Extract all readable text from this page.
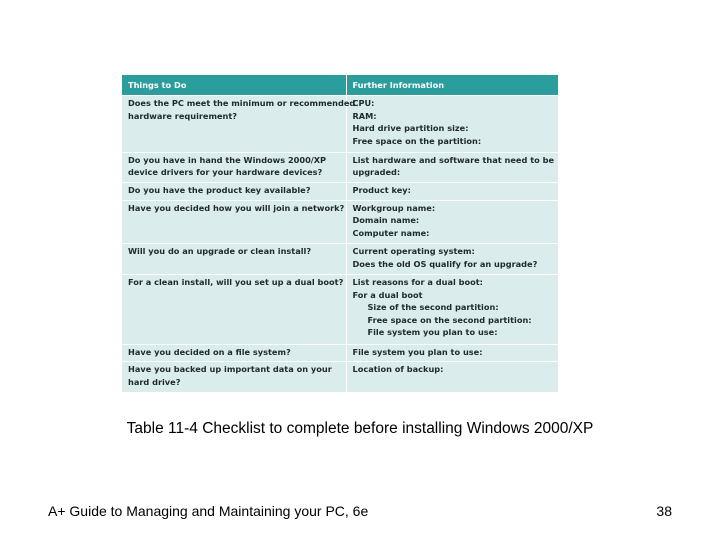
Things to Do	Further Information

Does the PC meet the minimum or recommended
hardware requirement?	CPU:
RAM:
Hard drive partition size:
Free space on the partition:

Do you have in hand the Windows 2000/XP
device drivers for your hardware devices?	List hardware and software that need to be
upgraded:

Do you have the product key available?	Product key:

Have you decided how you will join a network?	Workgroup name:
Domain name:
Computer name:

Will you do an upgrade or clean install?	Current operating system:
Does the old OS qualify for an upgrade?

For a clean install, will you set up a dual boot?	List reasons for a dual boot:
For a dual boot
Size of the second partition:
Free space on the second partition:
File system you plan to use:

Have you decided on a file system?	File system you plan to use:

Have you backed up important data on your
hard drive?	Location of backup:
Table 11-4 Checklist to complete before installing Windows 2000/XP
A+ Guide to Managing and Maintaining your PC, 6e	38
